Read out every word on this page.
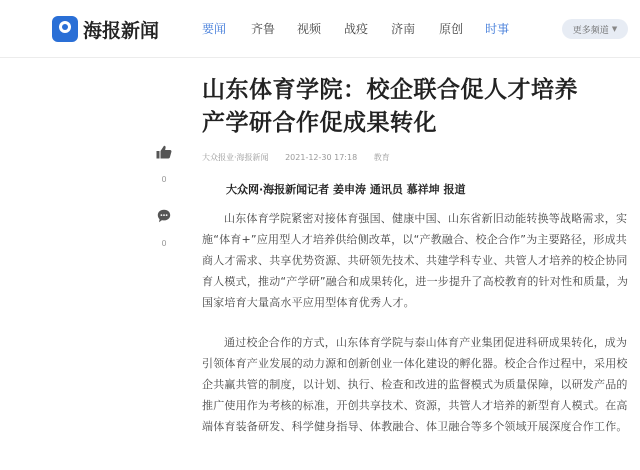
海报新闻	要闻 齐鲁 视频 战疫 济南 原创 时事	更多频道 ▼
山东体育学院：校企联合促人才培养
产学研合作促成果转化
大众报业·海报新闻 2021-12-30 17:18 教育
0
0
大众网·海报新闻记者 姜申涛 通讯员 慕祥坤 报道

山东体育学院紧密对接体育强国、健康中国、山东省新旧动能转换等战略需求，实施“体育+”应用型人才培养供给侧改革，以“产教融合、校企合作”为主要路径，形成共商人才需求、共享优势资源、共研领先技术、共建学科专业、共管人才培养的校企协同育人模式，推动“产学研”融合和成果转化，进一步提升了高校教育的针对性和质量，为国家培育大量高水平应用型体育优秀人才。

通过校企合作的方式，山东体育学院与泰山体育产业集团促进科研成果转化，成为引领体育产业发展的动力源和创新创业一体化建设的孵化器。校企合作过程中，采用校企共赢共管的制度，以计划、执行、检查和改进的监督模式为质量保障，以研发产品的推广使用作为考核的标准，开创共享技术、资源，共管人才培养的新型育人模式。在高端体育装备研发、科学健身指导、体教融合、体卫融合等多个领域开展深度合作工作。
